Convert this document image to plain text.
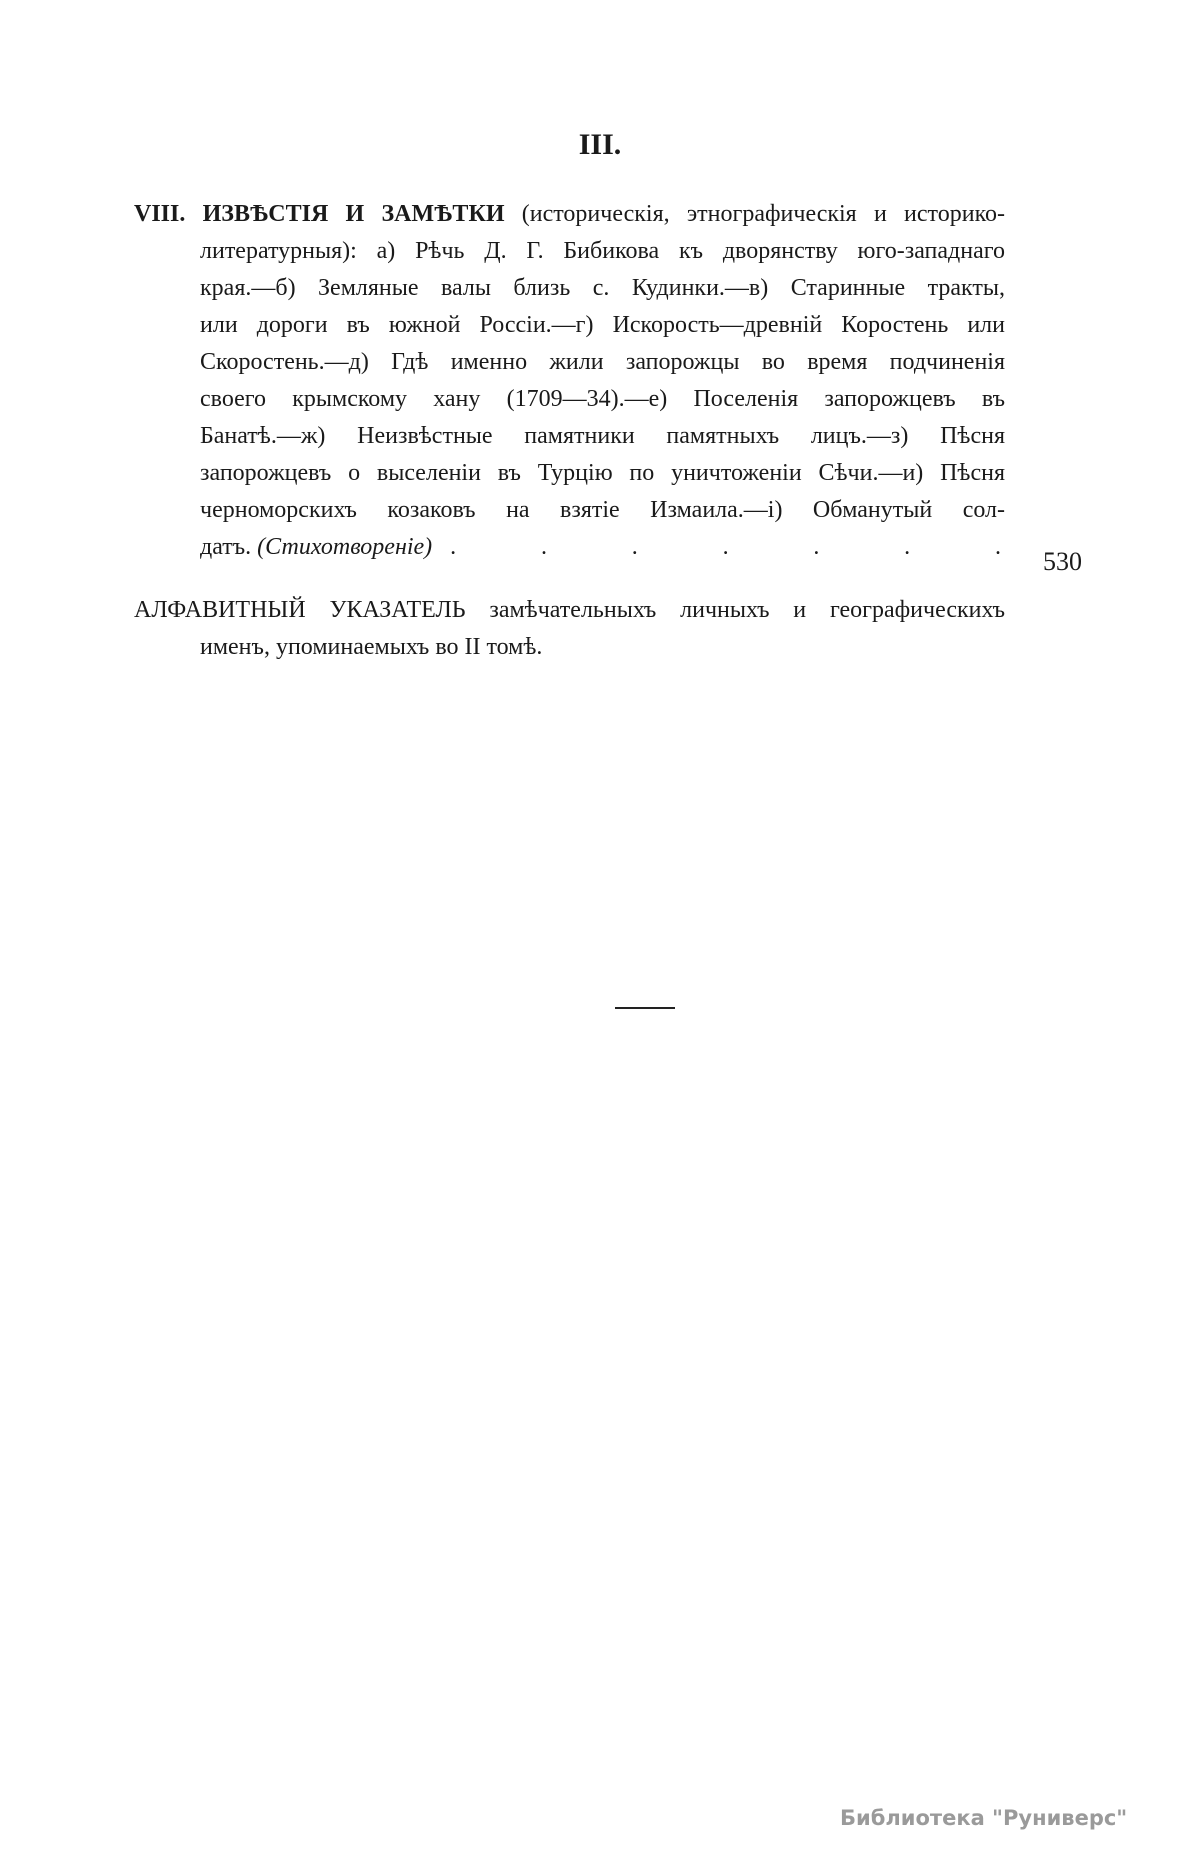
III.
VIII. ИЗВѢСТІЯ И ЗАМѢТКИ (историческія, этнографическія и историко-
литературныя): а) Рѣчь Д. Г. Бибикова къ дворянству юго-западнаго
края.—б) Земляные валы близь с. Кудинки.—в) Старинные тракты,
или дороги въ южной Россіи.—г) Искорость—древній Коростень или
Скоростень.—д) Гдѣ именно жили запорожцы во время подчиненія
своего крымскому хану (1709—34).—е) Поселенія запорожцевъ въ
Банатѣ.—ж) Неизвѣстные памятники памятныхъ лицъ.—з) Пѣсня
запорожцевъ о выселеніи въ Турцію по уничтоженіи Сѣчи.—и) Пѣсня
черноморскихъ козаковъ на взятіе Измаила.—і) Обманутый сол-
датъ.
(Стихотвореніе) .	.	.	.	.	.	.	530
АЛФАВИТНЫЙ УКАЗАТЕЛЬ замѣчательныхъ личныхъ и географическихъ
именъ, упоминаемыхъ во II томѣ.
Библиотека "Руниверс"
